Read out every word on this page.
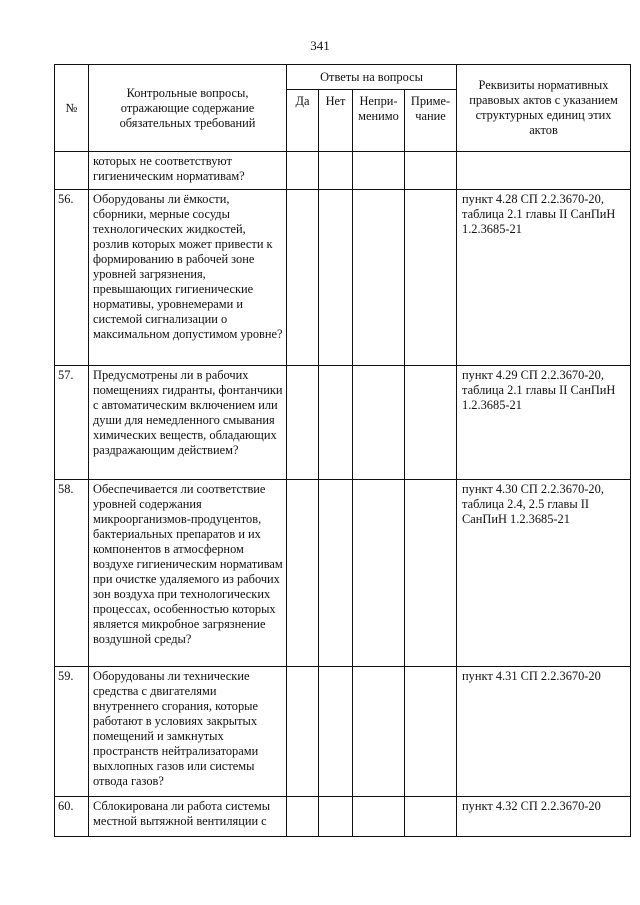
341
№	Контрольные вопросы, отражающие содержание обязательных требований	Ответы на вопросы				Реквизиты нормативных правовых актов с указанием структурных единиц этих актов
		Да	Нет	Непри-менимо	Приме-чание	
	которых не соответствуют гигиеническим нормативам?					
56.	Оборудованы ли ёмкости, сборники, мерные сосуды технологических жидкостей, розлив которых может привести к формированию в рабочей зоне уровней загрязнения, превышающих гигиенические нормативы, уровнемерами и системой сигнализации о максимальном допустимом уровне?					пункт 4.28 СП 2.2.3670-20, таблица 2.1 главы II СанПиН 1.2.3685-21
57.	Предусмотрены ли в рабочих помещениях гидранты, фонтанчики с автоматическим включением или души для немедленного смывания химических веществ, обладающих раздражающим действием?					пункт 4.29 СП 2.2.3670-20, таблица 2.1 главы II СанПиН 1.2.3685-21
58.	Обеспечивается ли соответствие уровней содержания микроорганизмов-продуцентов, бактериальных препаратов и их компонентов в атмосферном воздухе гигиеническим нормативам при очистке удаляемого из рабочих зон воздуха при технологических процессах, особенностью которых является микробное загрязнение воздушной среды?					пункт 4.30 СП 2.2.3670-20, таблица 2.4, 2.5 главы II СанПиН 1.2.3685-21
59.	Оборудованы ли технические средства с двигателями внутреннего сгорания, которые работают в условиях закрытых помещений и замкнутых пространств нейтрализаторами выхлопных газов или системы отвода газов?					пункт 4.31 СП 2.2.3670-20
60.	Сблокирована ли работа системы местной вытяжной вентиляции с					пункт 4.32 СП 2.2.3670-20
